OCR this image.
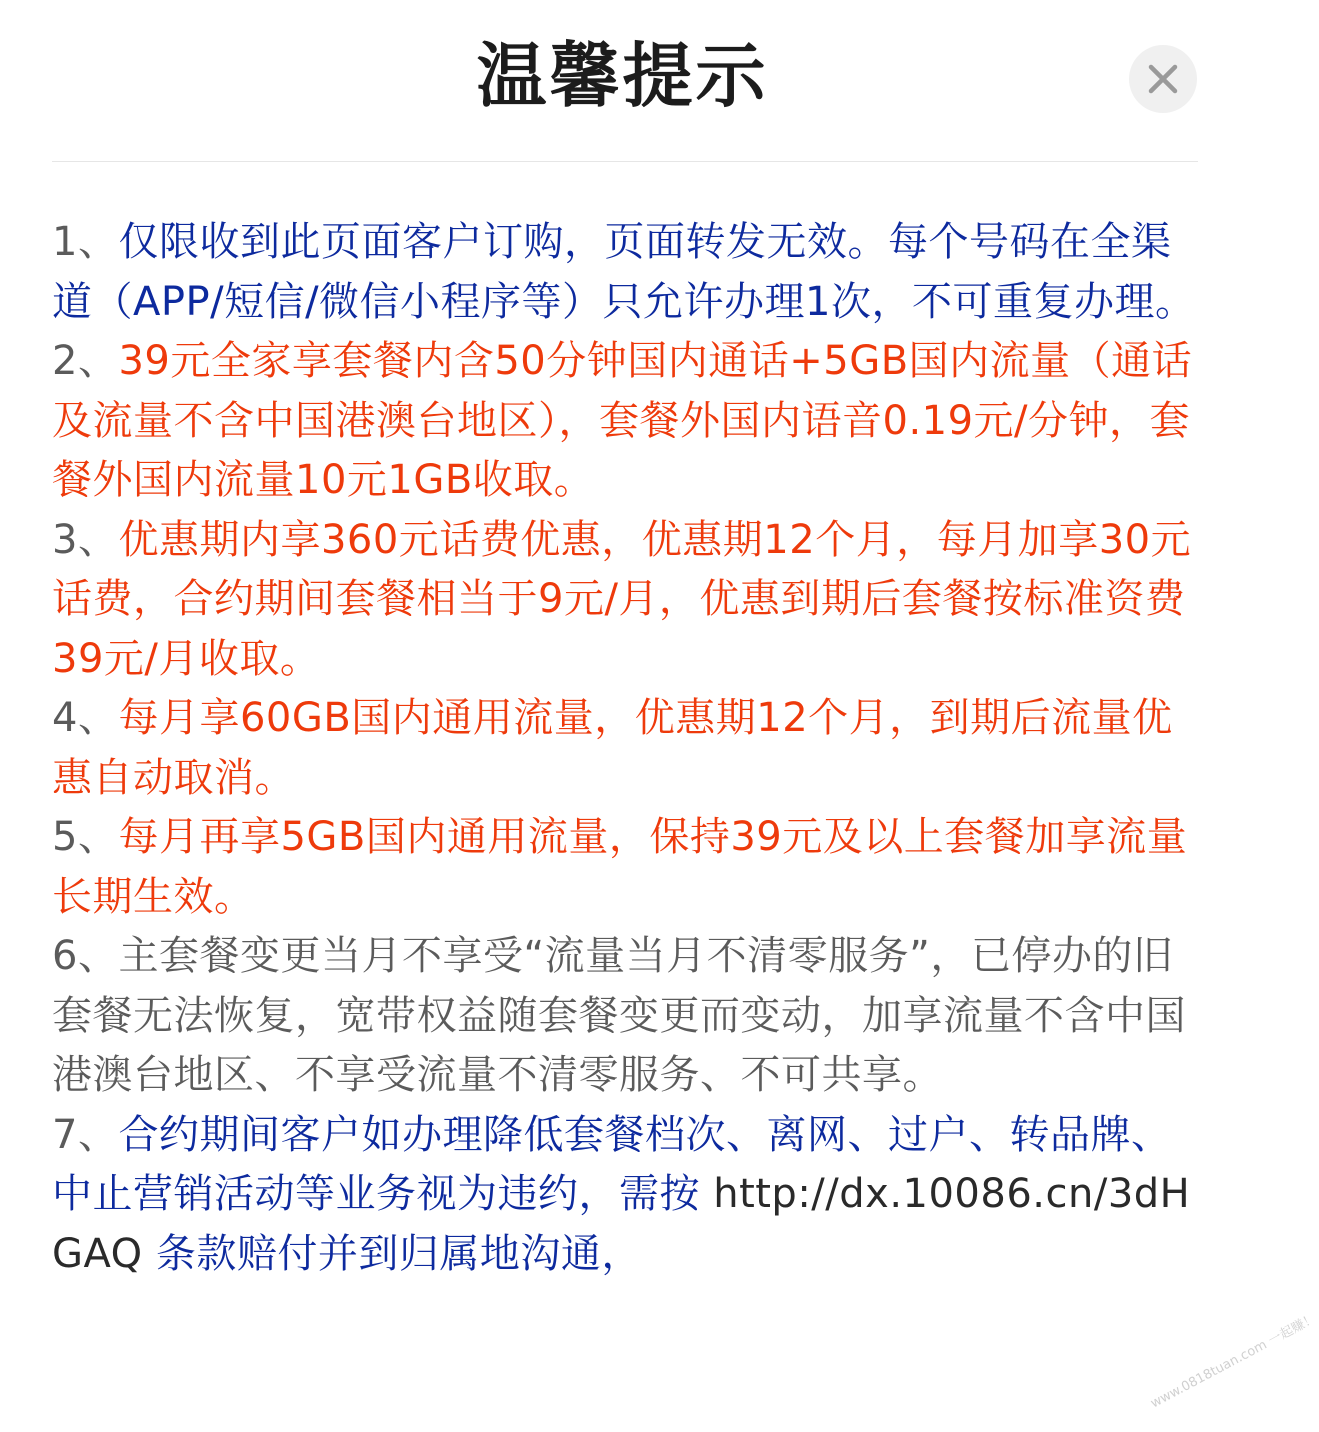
温馨提示

1、仅限收到此页面客户订购，页面转发无效。每个号码在全渠道（APP/短信/微信小程序等）只允许办理1次，不可重复办理。

2、39元全家享套餐内含50分钟国内通话+5GB国内流量（通话及流量不含中国港澳台地区），套餐外国内语音0.19元/分钟，套餐外国内流量10元1GB收取。

3、优惠期内享360元话费优惠，优惠期12个月，每月加享30元话费，合约期间套餐相当于9元/月，优惠到期后套餐按标准资费39元/月收取。

4、每月享60GB国内通用流量，优惠期12个月，到期后流量优惠自动取消。

5、每月再享5GB国内通用流量，保持39元及以上套餐加享流量长期生效。

6、主套餐变更当月不享受“流量当月不清零服务”，已停办的旧套餐无法恢复，宽带权益随套餐变更而变动，加享流量不含中国港澳台地区、不享受流量不清零服务、不可共享。

7、合约期间客户如办理降低套餐档次、离网、过户、转品牌、中止营销活动等业务视为违约，需按 http://dx.10086.cn/3dHGAQ 条款赔付并到归属地沟通，

www.0818tuan.com 一起赚！
